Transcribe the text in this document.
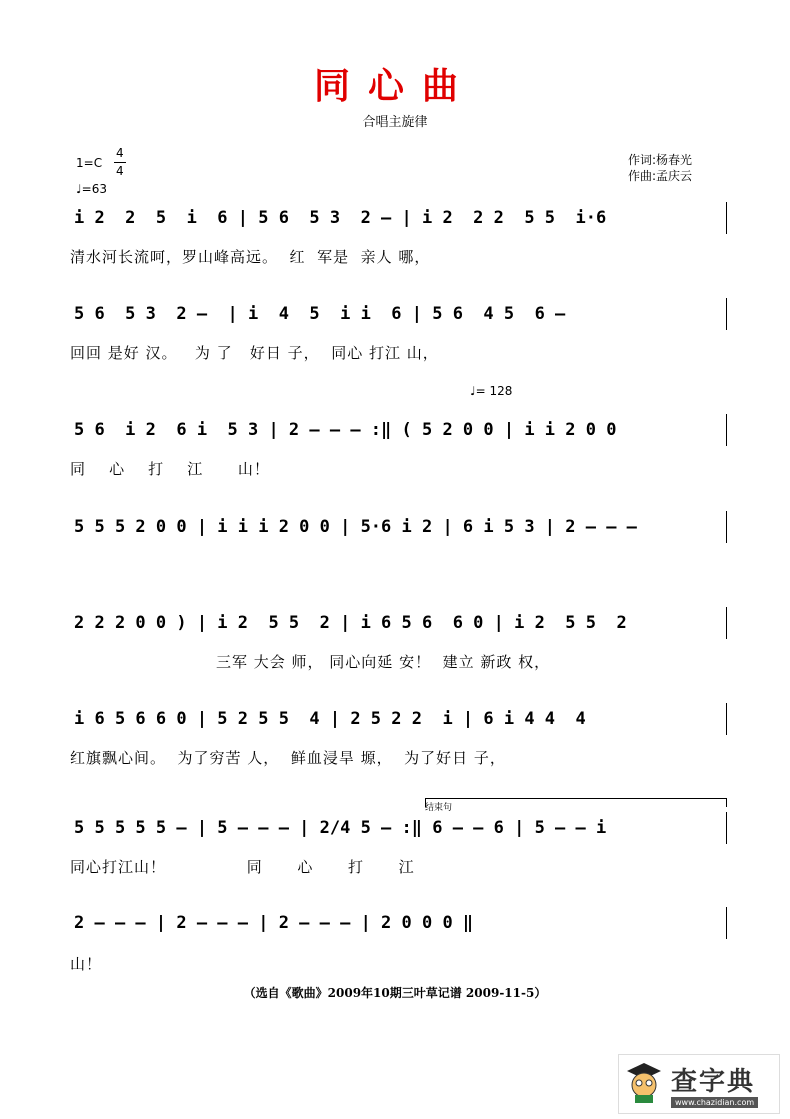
同心曲
合唱主旋律
1=C
4
4
♩=63
作词:杨春光
作曲:孟庆云
♩= 128
结束句
i 2  2  5  i  6 | 5 6  5 3  2 – | i 2  2 2  5 5  i·6
清水河长流呵，罗山峰高远。  红  军是  亲人 哪，
5 6  5 3  2 –  | i  4  5  i i  6 | 5 6  4 5  6 –
回回 是好 汉。   为 了   好日 子，  同心 打江 山，
5 6  i 2  6 i  5 3 | 2 – – – :‖ ( 5 2 0 0 | i i 2 0 0
同    心    打    江      山！
5 5 5 2 0 0 | i i i 2 0 0 | 5·6 i 2 | 6 i 5 3 | 2 – – –
2 2 2 0 0 ) | i 2  5 5  2 | i 6 5 6  6 0 | i 2  5 5  2
三军 大会 师， 同心向延 安！  建立 新政 权，
i 6 5 6 6 0 | 5 2 5 5  4 | 2 5 2 2  i | 6 i 4 4  4
红旗飘心间。  为了穷苦 人，  鲜血浸旱 塬，  为了好日 子，
5 5 5 5 5 – | 5 – – – | 2/4 5 – :‖ 6 – – 6 | 5 – – i
同心打江山！              同      心      打      江
2 – – – | 2 – – – | 2 – – – | 2 0 0 0 ‖
山！
（选自《歌曲》2009年10期三叶草记谱 2009-11-5）
查字典
www.chazidian.com
